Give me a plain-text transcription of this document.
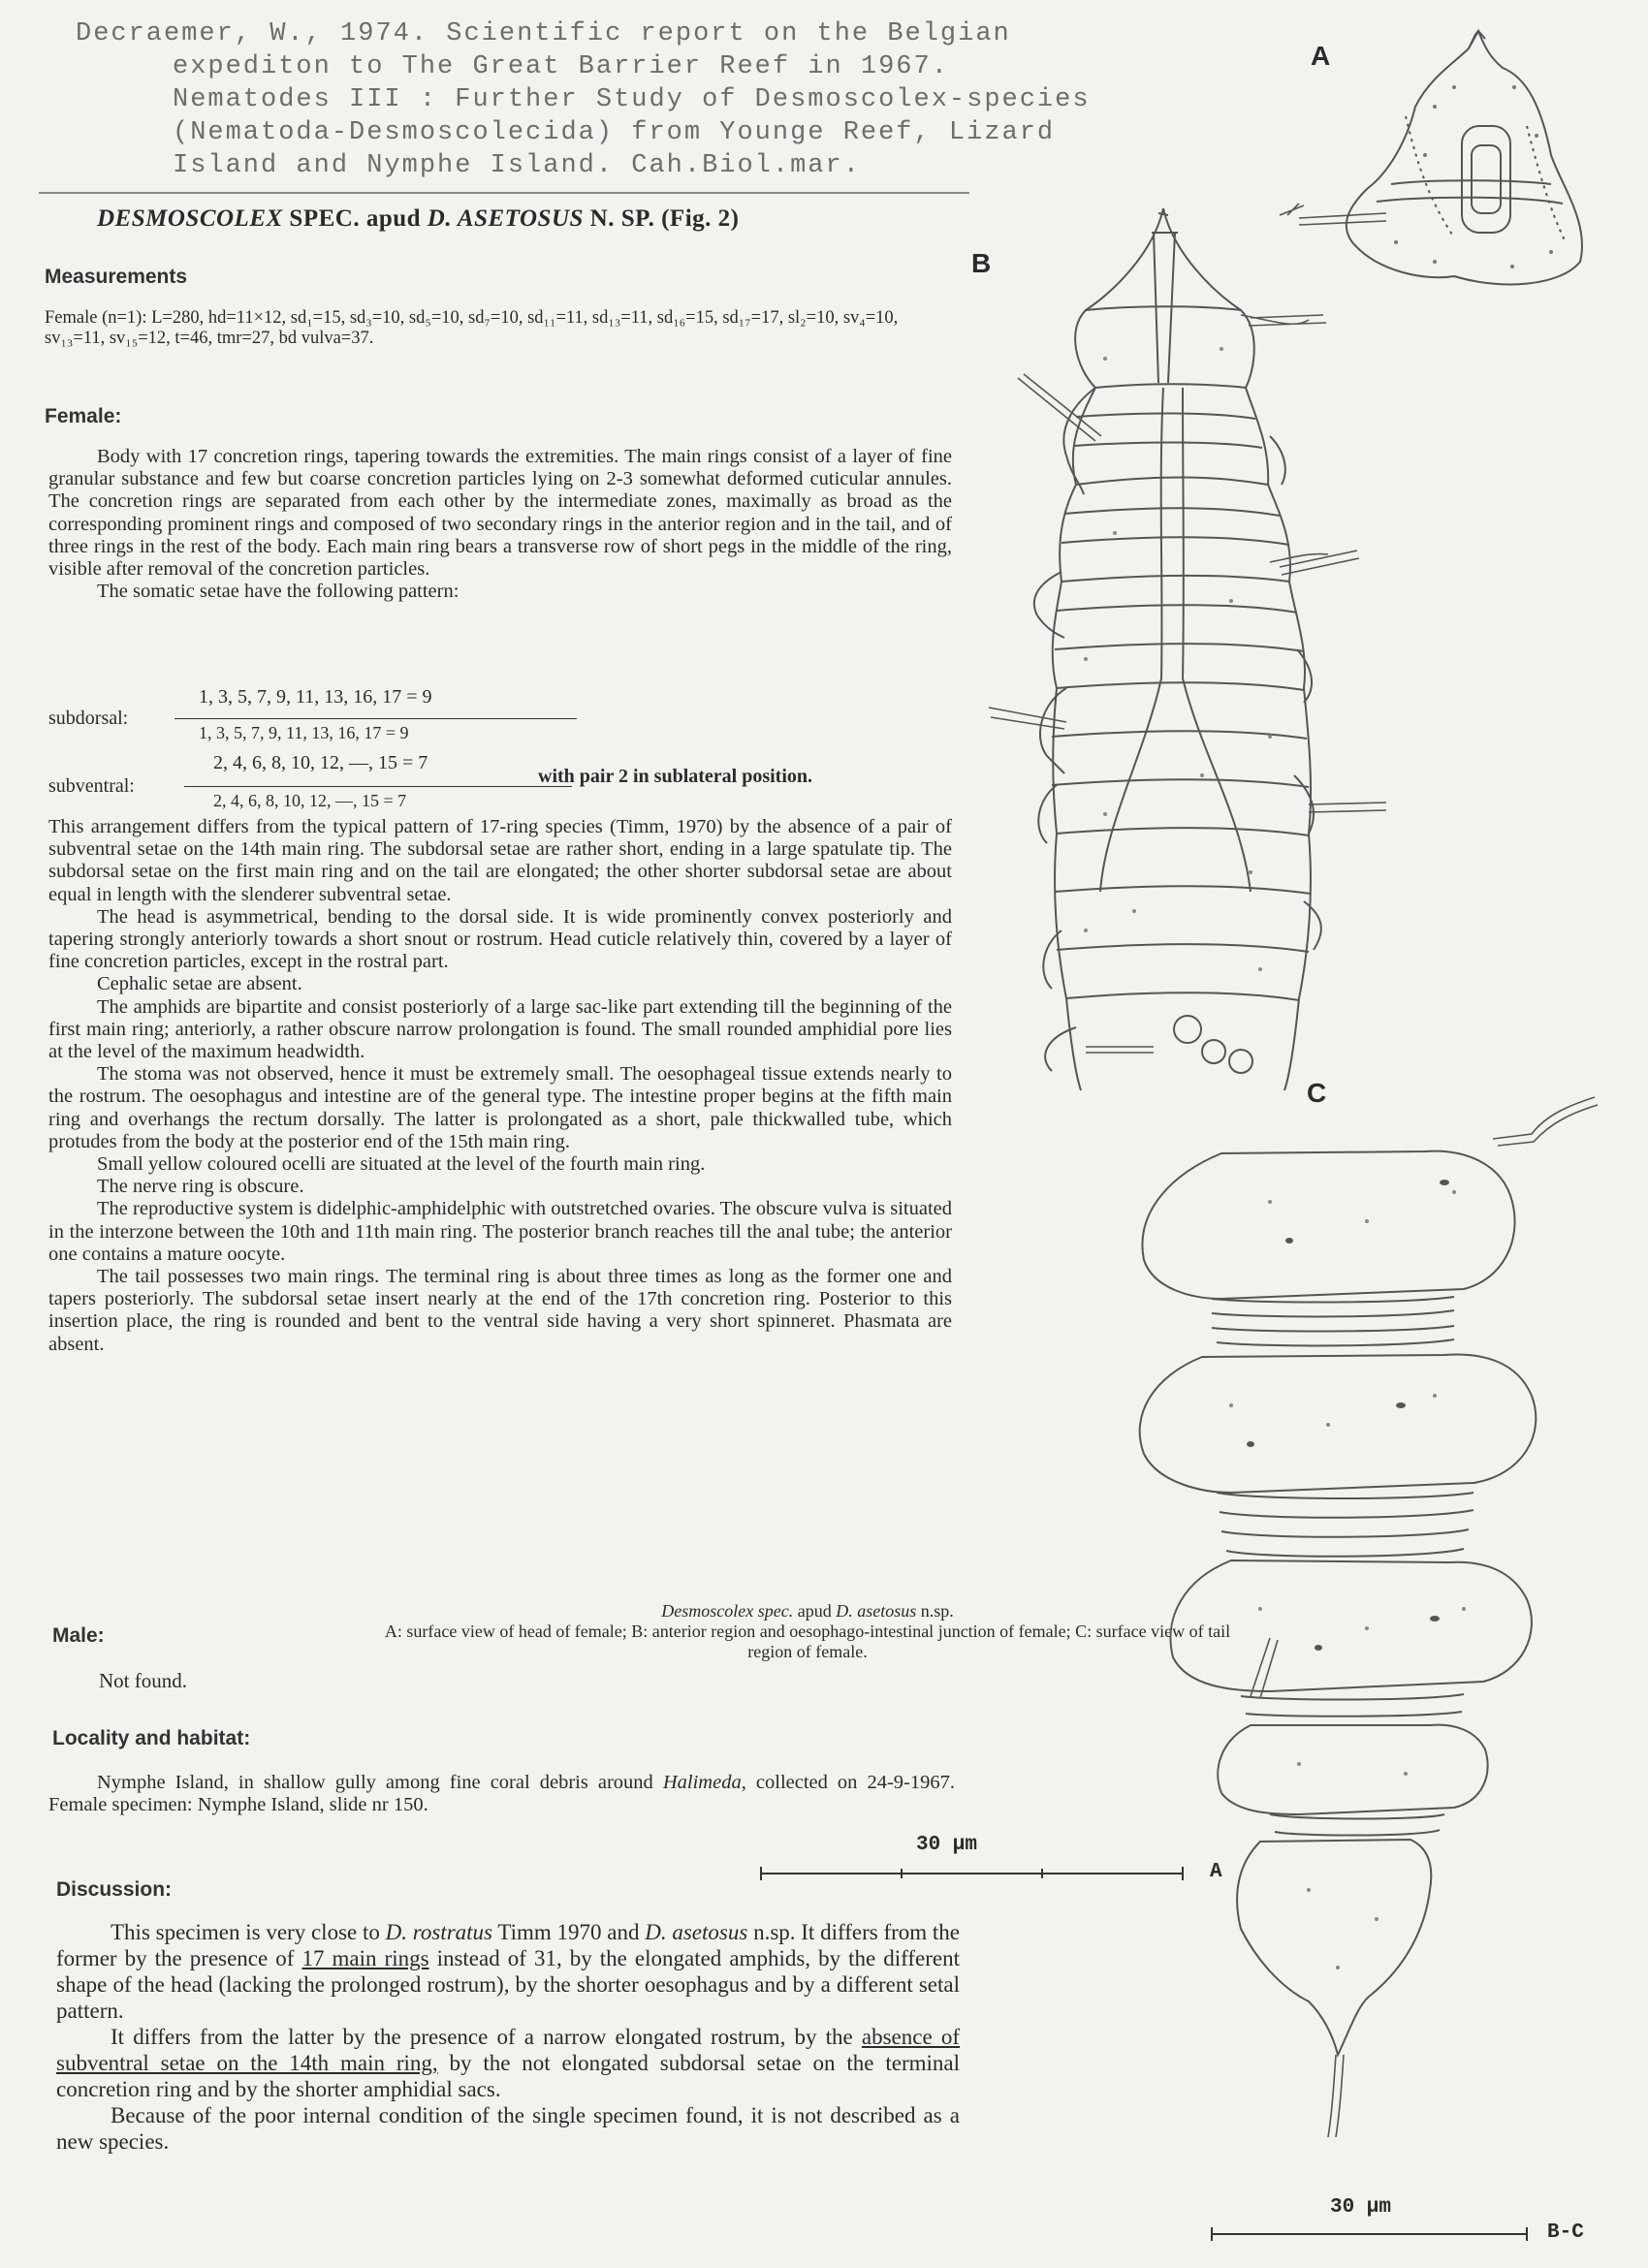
Decraemer, W., 1974. Scientific report on the Belgian
expediton to The Great Barrier Reef in 1967.
Nematodes III : Further Study of Desmoscolex-species
(Nematoda-Desmoscolecida) from Younge Reef, Lizard
Island and Nymphe Island. Cah.Biol.mar.
DESMOSCOLEX SPEC. apud D. ASETOSUS N. SP. (Fig. 2)
Measurements
Female (n=1): L=280, hd=11×12, sd₁=15, sd₃=10, sd₅=10, sd₇=10, sd₁₁=11, sd₁₃=11, sd₁₆=15, sd₁₇=17, sl₂=10, sv₄=10, sv₁₃=11, sv₁₅=12, t=46, tmr=27, bd vulva=37.
Female:

Body with 17 concretion rings, tapering towards the extremities. The main rings consist of a layer of fine granular substance and few but coarse concretion particles lying on 2-3 somewhat deformed cuticular annules. The concretion rings are separated from each other by the intermediate zones, maximally as broad as the corresponding prominent rings and composed of two secondary rings in the anterior region and in the tail, and of three rings in the rest of the body. Each main ring bears a transverse row of short pegs in the middle of the ring, visible after removal of the concretion particles.

The somatic setae have the following pattern:

subdorsal:
1, 3, 5, 7, 9, 11, 13, 16, 17 = 9
1, 3, 5, 7, 9, 11, 13, 16, 17 = 9
subventral:
2, 4, 6, 8, 10, 12, —, 15 = 7
2, 4, 6, 8, 10, 12, —, 15 = 7
with pair 2 in sublateral position.

This arrangement differs from the typical pattern of 17-ring species (Timm, 1970) by the absence of a pair of subventral setae on the 14th main ring. The subdorsal setae are rather short, ending in a large spatulate tip. The subdorsal setae on the first main ring and on the tail are elongated; the other shorter subdorsal setae are about equal in length with the slenderer subventral setae.

The head is asymmetrical, bending to the dorsal side. It is wide prominently convex posteriorly and tapering strongly anteriorly towards a short snout or rostrum. Head cuticle relatively thin, covered by a layer of fine concretion particles, except in the rostral part.

Cephalic setae are absent.

The amphids are bipartite and consist posteriorly of a large sac-like part extending till the beginning of the first main ring; anteriorly, a rather obscure narrow prolongation is found. The small rounded amphidial pore lies at the level of the maximum headwidth.

The stoma was not observed, hence it must be extremely small. The oesophageal tissue extends nearly to the rostrum. The oesophagus and intestine are of the general type. The intestine proper begins at the fifth main ring and overhangs the rectum dorsally. The latter is prolongated as a short, pale thickwalled tube, which protudes from the body at the posterior end of the 15th main ring.

Small yellow coloured ocelli are situated at the level of the fourth main ring.

The nerve ring is obscure.

The reproductive system is didelphic-amphidelphic with outstretched ovaries. The obscure vulva is situated in the interzone between the 10th and 11th main ring. The posterior branch reaches till the anal tube; the anterior one contains a mature oocyte.

The tail possesses two main rings. The terminal ring is about three times as long as the former one and tapers posteriorly. The subdorsal setae insert nearly at the end of the 17th concretion ring. Posterior to this insertion place, the ring is rounded and bent to the ventral side having a very short spinneret. Phasmata are absent.

Desmoscolex spec. apud D. asetosus n.sp.
A: surface view of head of female; B: anterior region and oesophago-intestinal junction of female; C: surface view of tail region of female.
Male:
Not found.
Locality and habitat:

Nymphe Island, in shallow gully among fine coral debris around Halimeda, collected on 24-9-1967. Female specimen: Nymphe Island, slide nr 150.

Discussion:

This specimen is very close to D. rostratus Timm 1970 and D. asetosus n.sp. It differs from the former by the presence of 17 main rings instead of 31, by the elongated amphids, by the different shape of the head (lacking the prolonged rostrum), by the shorter oesophagus and by a different setal pattern.

It differs from the latter by the presence of a narrow elongated rostrum, by the absence of subventral setae on the 14th main ring, by the not elongated subdorsal setae on the terminal concretion ring and by the shorter amphidial sacs.

Because of the poor internal condition of the single specimen found, it is not described as a new species.

A
B
C
30 µm
A
30 µm
B-C
